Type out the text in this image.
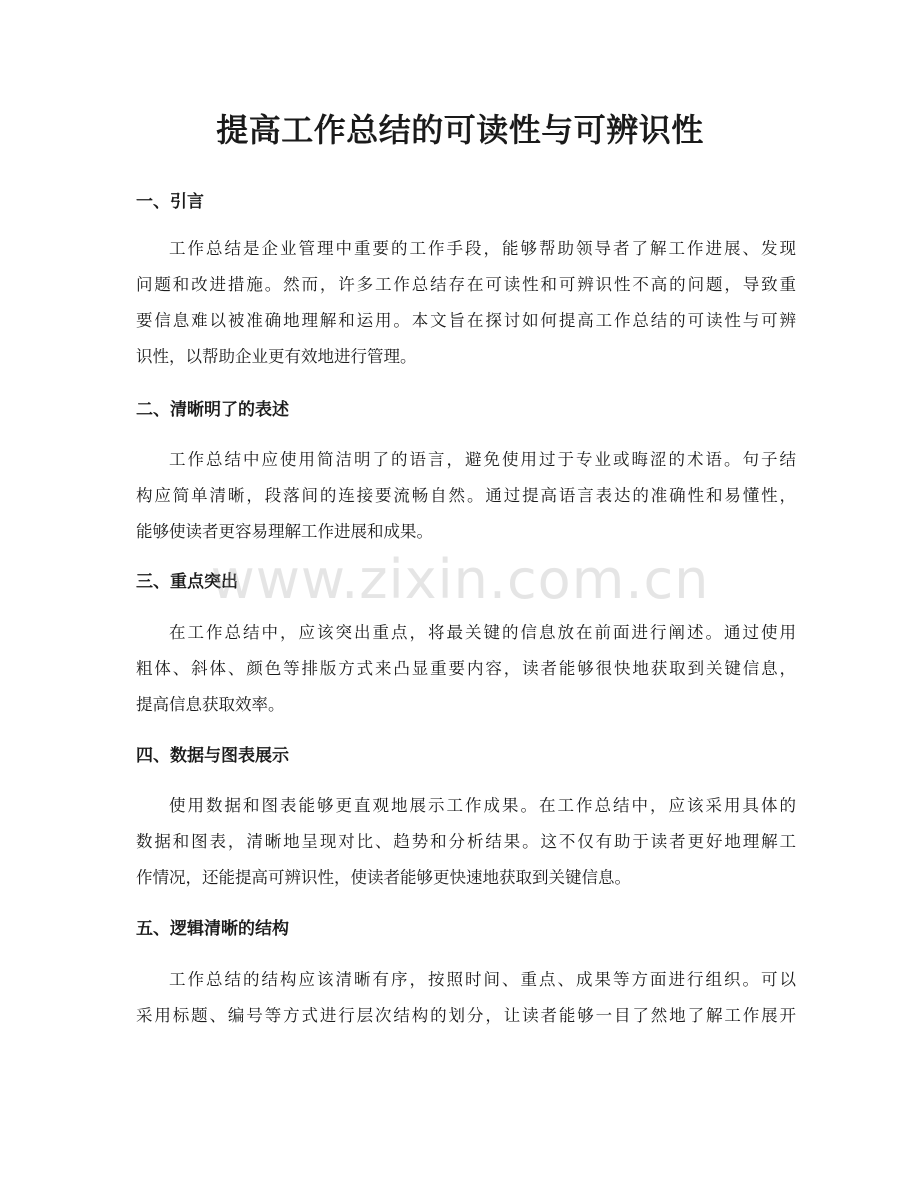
提高工作总结的可读性与可辨识性
一、引言
工作总结是企业管理中重要的工作手段，能够帮助领导者了解工作进展、发现
问题和改进措施。然而，许多工作总结存在可读性和可辨识性不高的问题，导致重
要信息难以被准确地理解和运用。本文旨在探讨如何提高工作总结的可读性与可辨
识性，以帮助企业更有效地进行管理。
二、清晰明了的表述
工作总结中应使用简洁明了的语言，避免使用过于专业或晦涩的术语。句子结
构应简单清晰，段落间的连接要流畅自然。通过提高语言表达的准确性和易懂性，
能够使读者更容易理解工作进展和成果。
三、重点突出
在工作总结中，应该突出重点，将最关键的信息放在前面进行阐述。通过使用
粗体、斜体、颜色等排版方式来凸显重要内容，读者能够很快地获取到关键信息，
提高信息获取效率。
四、数据与图表展示
使用数据和图表能够更直观地展示工作成果。在工作总结中，应该采用具体的
数据和图表，清晰地呈现对比、趋势和分析结果。这不仅有助于读者更好地理解工
作情况，还能提高可辨识性，使读者能够更快速地获取到关键信息。
五、逻辑清晰的结构
工作总结的结构应该清晰有序，按照时间、重点、成果等方面进行组织。可以
采用标题、编号等方式进行层次结构的划分，让读者能够一目了然地了解工作展开
www.zixin.com.cn
